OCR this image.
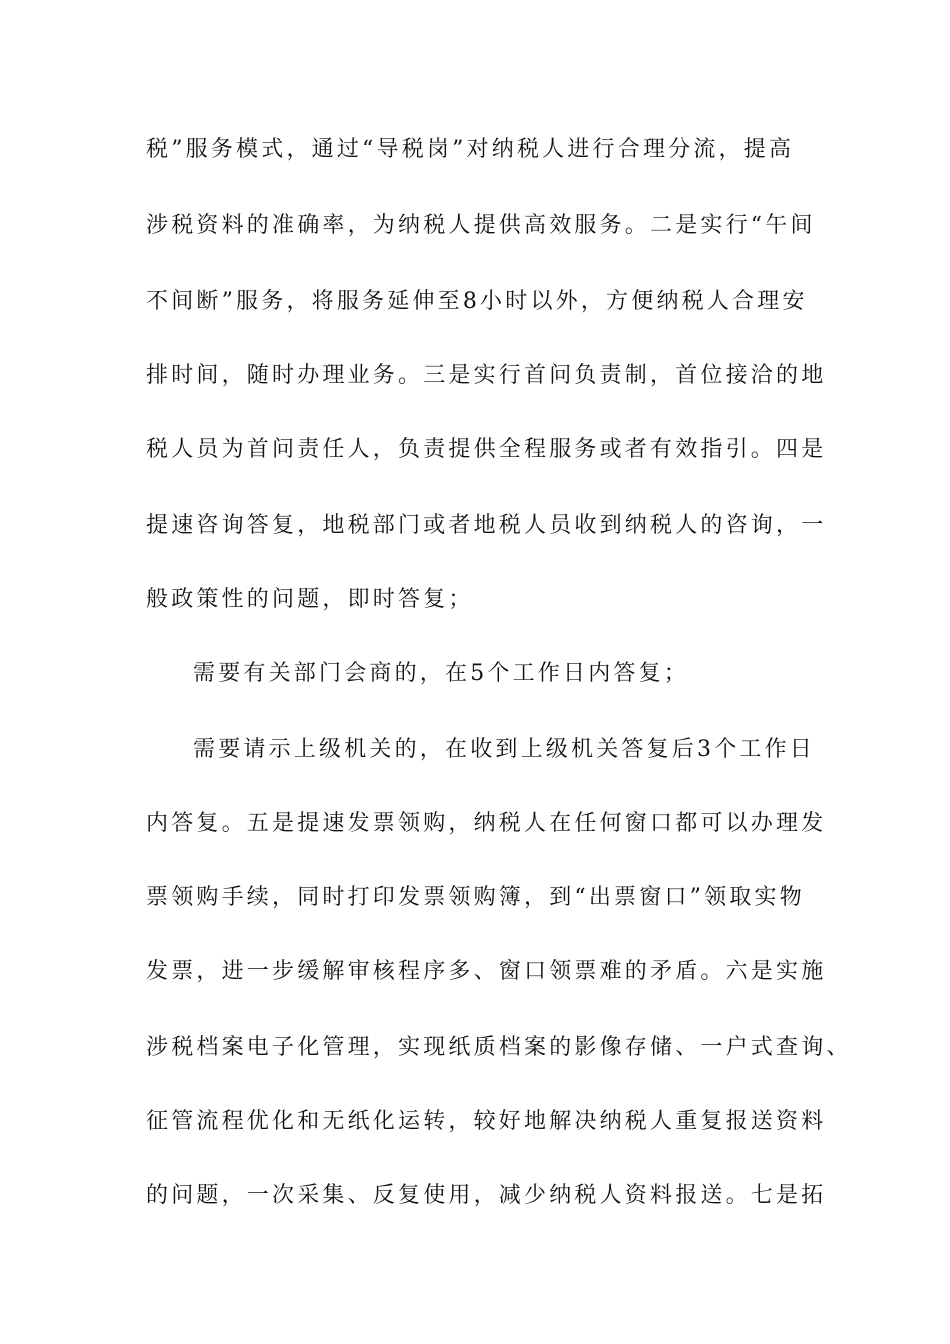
税”服务模式，通过“导税岗”对纳税人进行合理分流，提高
涉税资料的准确率，为纳税人提供高效服务。二是实行“午间
不间断”服务，将服务延伸至8小时以外，方便纳税人合理安
排时间，随时办理业务。三是实行首问负责制，首位接洽的地
税人员为首问责任人，负责提供全程服务或者有效指引。四是
提速咨询答复，地税部门或者地税人员收到纳税人的咨询，一
般政策性的问题，即时答复；
需要有关部门会商的，在5个工作日内答复；
需要请示上级机关的，在收到上级机关答复后3个工作日
内答复。五是提速发票领购，纳税人在任何窗口都可以办理发
票领购手续，同时打印发票领购簿，到“出票窗口”领取实物
发票，进一步缓解审核程序多、窗口领票难的矛盾。六是实施
涉税档案电子化管理，实现纸质档案的影像存储、一户式查询、
征管流程优化和无纸化运转，较好地解决纳税人重复报送资料
的问题，一次采集、反复使用，减少纳税人资料报送。七是拓
